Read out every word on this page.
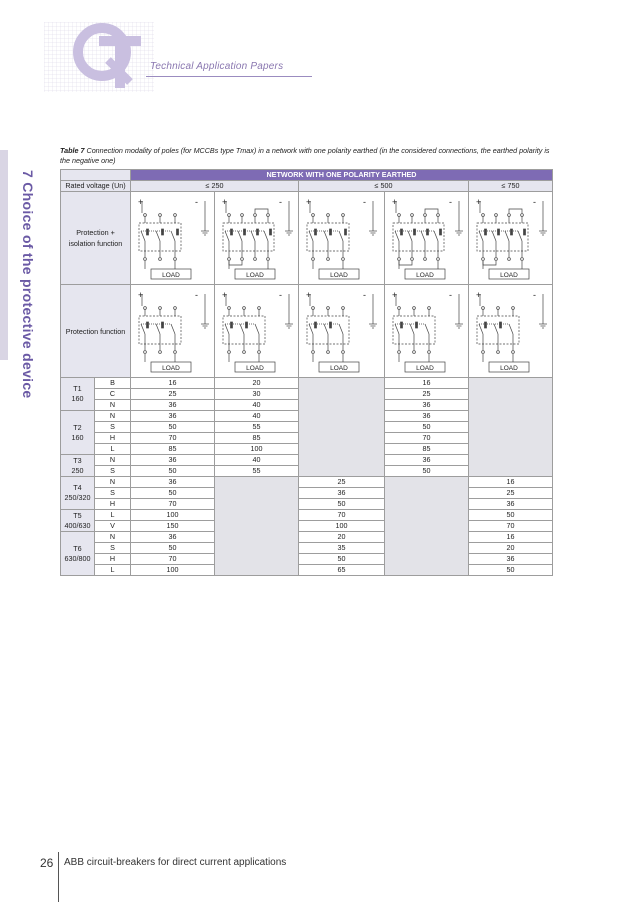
Technical Application Papers
7 Choice of the protective device
Table 7 Connection modality of poles (for MCCBs type Tmax) in a network with one polarity earthed (in the considered connections, the earthed polarity is the negative one)
		NETWORK WITH ONE POLARITY EARTHED				
Rated voltage (Un)		≤ 250		≤ 500		≤ 750
Protection + isolation function		+ -
LOAD	+ -
LOAD	+ -
LOAD	+ -
LOAD	+ -
LOAD

Protection function		+ -
LOAD	+ -
LOAD	+ -
LOAD	+ -
LOAD	+ -
LOAD

T1
160	B	16	20		16	
	C	25	30		25	
	N	36	40		36	

T2
160	N	36	40		36	
	S	50	55		50	
	H	70	85		70	
	L	85	100		85	

T3
250	N	36	40		36	
	S	50	55		50	

T4
250/320	N	36		25		16
	S	50		36		25
	H	70		50		36

T5
400/630	L	100		70		50
	V	150		100		70

T6
630/800	N	36		20		16
	S	50		35		20
	H	70		50		36
	L	100		65		50
26 ABB circuit-breakers for direct current applications
